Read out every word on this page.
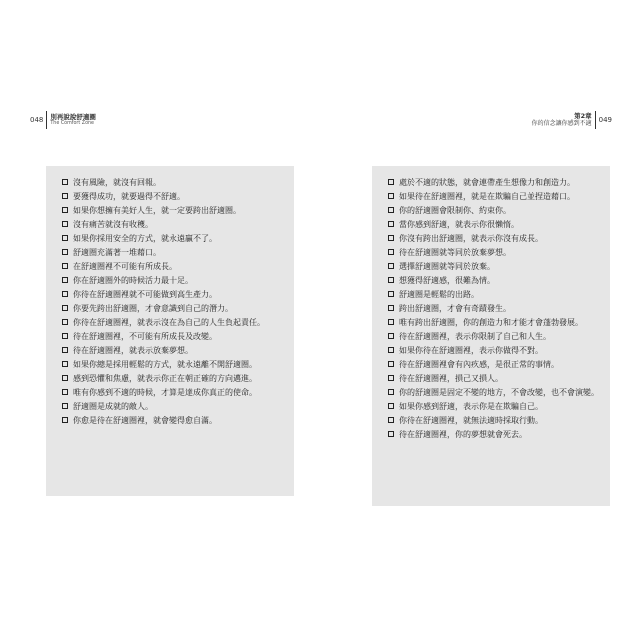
048 別再說說舒適圈
The Comfort Zone
沒有風險，就沒有回報。
要獲得成功，就要過得不舒適。
如果你想擁有美好人生，就一定要跨出舒適圈。
沒有痛苦就沒有收穫。
如果你採用安全的方式，就永遠贏不了。
舒適圈充滿著一堆藉口。
在舒適圈裡不可能有所成長。
你在舒適圈外的時候活力最十足。
你待在舒適圈裡就不可能做到高生產力。
你要先跨出舒適圈，才會意識到自己的潛力。
你待在舒適圈裡，就表示沒在為自己的人生負起責任。
待在舒適圈裡，不可能有所成長及改變。
待在舒適圈裡，就表示放棄夢想。
如果你總是採用輕鬆的方式，就永遠離不開舒適圈。
感到恐懼和焦慮，就表示你正在朝正確的方向邁進。
唯有你感到不適的時候，才算是達成你真正的使命。
舒適圈是成就的敵人。
你愈是待在舒適圈裡，就會變得愈自滿。
第2章
你的信念讓你感到不適 049
處於不適的狀態，就會連帶產生想像力和創造力。
如果待在舒適圈裡，就是在欺騙自己並捏造藉口。
你的舒適圈會限制你、約束你。
當你感到舒適，就表示你很懶惰。
你沒有跨出舒適圈，就表示你沒有成長。
待在舒適圈就等同於放棄夢想。
選擇舒適圈就等同於放棄。
想獲得舒適感，很難為情。
舒適圈是輕鬆的出路。
跨出舒適圈，才會有奇蹟發生。
唯有跨出舒適圈，你的創造力和才能才會蓬勃發展。
待在舒適圈裡，表示你限制了自己和人生。
如果你待在舒適圈裡，表示你做得不對。
待在舒適圈裡會有內疚感，是很正常的事情。
待在舒適圈裡，損己又損人。
你的舒適圈是固定不變的地方，不會改變，也不會演變。
如果你感到舒適，表示你是在欺騙自己。
你待在舒適圈裡，就無法適時採取行動。
待在舒適圈裡，你的夢想就會死去。
